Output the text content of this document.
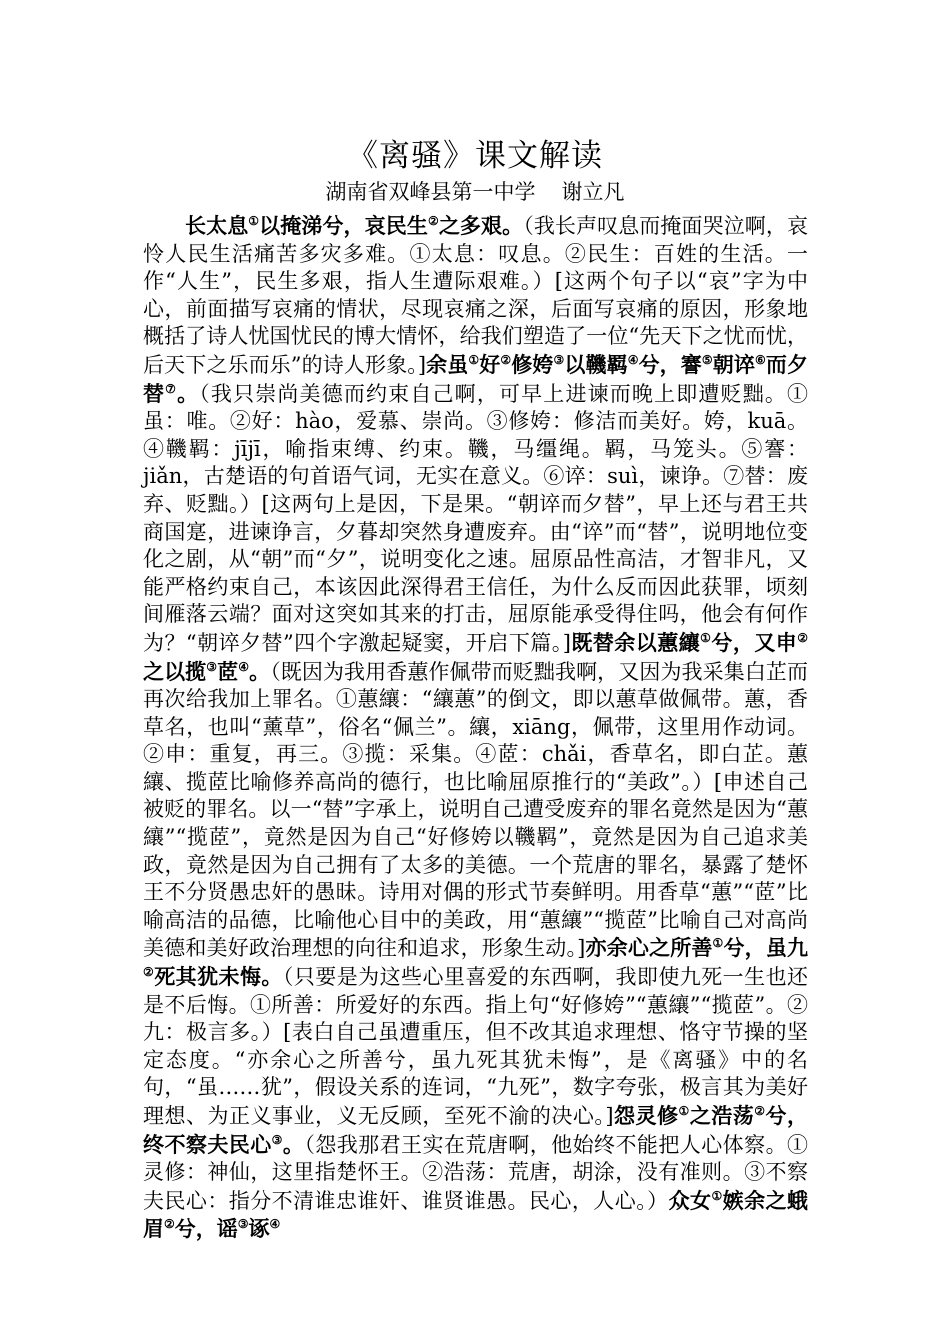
《离骚》课文解读
湖南省双峰县第一中学 谢立凡
长太息①以掩涕兮，哀民生②之多艰。（我长声叹息而掩面哭泣啊，哀怜人民生活痛苦多灾多难。①太息：叹息。②民生：百姓的生活。一作“人生”，民生多艰，指人生遭际艰难。）[这两个句子以“哀”字为中心，前面描写哀痛的情状，尽现哀痛之深，后面写哀痛的原因，形象地概括了诗人忧国忧民的博大情怀，给我们塑造了一位“先天下之忧而忧，后天下之乐而乐”的诗人形象。]余虽①好②修姱③以鞿羁④兮，謇⑤朝谇⑥而夕替⑦。（我只崇尚美德而约束自己啊，可早上进谏而晚上即遭贬黜。①虽：唯。②好：hào，爱慕、崇尚。③修姱：修洁而美好。姱，kuā。④鞿羁：jījī，喻指束缚、约束。鞿，马缰绳。羁，马笼头。⑤謇：jiǎn，古楚语的句首语气词，无实在意义。⑥谇：suì，谏诤。⑦替：废弃、贬黜。）[这两句上是因，下是果。“朝谇而夕替”，早上还与君王共商国寔，进谏诤言，夕暮却突然身遭废弃。由“谇”而“替”，说明地位变化之剧，从“朝”而“夕”，说明变化之速。屈原品性高洁，才智非凡，又能严格约束自己，本该因此深得君王信任，为什么反而因此获罪，顷刻间雁落云端？面对这突如其来的打击，屈原能承受得住吗，他会有何作为？“朝谇夕替”四个字激起疑窦，开启下篇。]既替余以蕙纕①兮，又申②之以揽③茝④。（既因为我用香蕙作佩带而贬黜我啊，又因为我采集白芷而再次给我加上罪名。①蕙纕：“纕蕙”的倒文，即以蕙草做佩带。蕙，香草名，也叫“薰草”，俗名“佩兰”。纕，xiāng，佩带，这里用作动词。②申：重复，再三。③揽：采集。④茝：chǎi，香草名，即白芷。蕙纕、揽茝比喻修养高尚的德行，也比喻屈原推行的“美政”。）[申述自己被贬的罪名。以一“替”字承上，说明自己遭受废弃的罪名竟然是因为“蕙纕”“揽茝”，竟然是因为自己“好修姱以鞿羁”，竟然是因为自己追求美政，竟然是因为自己拥有了太多的美德。一个荒唐的罪名，暴露了楚怀王不分贤愚忠奸的愚昧。诗用对偶的形式节奏鲜明。用香草“蕙”“茝”比喻高洁的品德，比喻他心目中的美政，用“蕙纕”“揽茝”比喻自己对高尚美德和美好政治理想的向往和追求，形象生动。]亦余心之所善①兮，虽九②死其犹未悔。（只要是为这些心里喜爱的东西啊，我即使九死一生也还是不后悔。①所善：所爱好的东西。指上句“好修姱”“蕙纕”“揽茝”。②九：极言多。）[表白自己虽遭重压，但不改其追求理想、恪守节操的坚定态度。“亦余心之所善兮，虽九死其犹未悔”，是《离骚》中的名句，“虽……犹”，假设关系的连词，“九死”，数字夸张，极言其为美好理想、为正义事业，义无反顾，至死不渝的决心。]怨灵修①之浩荡②兮，终不察夫民心③。（怨我那君王实在荒唐啊，他始终不能把人心体察。①灵修：神仙，这里指楚怀王。②浩荡：荒唐，胡涂，没有准则。③不察夫民心：指分不清谁忠谁奸、谁贤谁愚。民心，人心。）众女①嫉余之蛾眉②兮，谣③诼④
